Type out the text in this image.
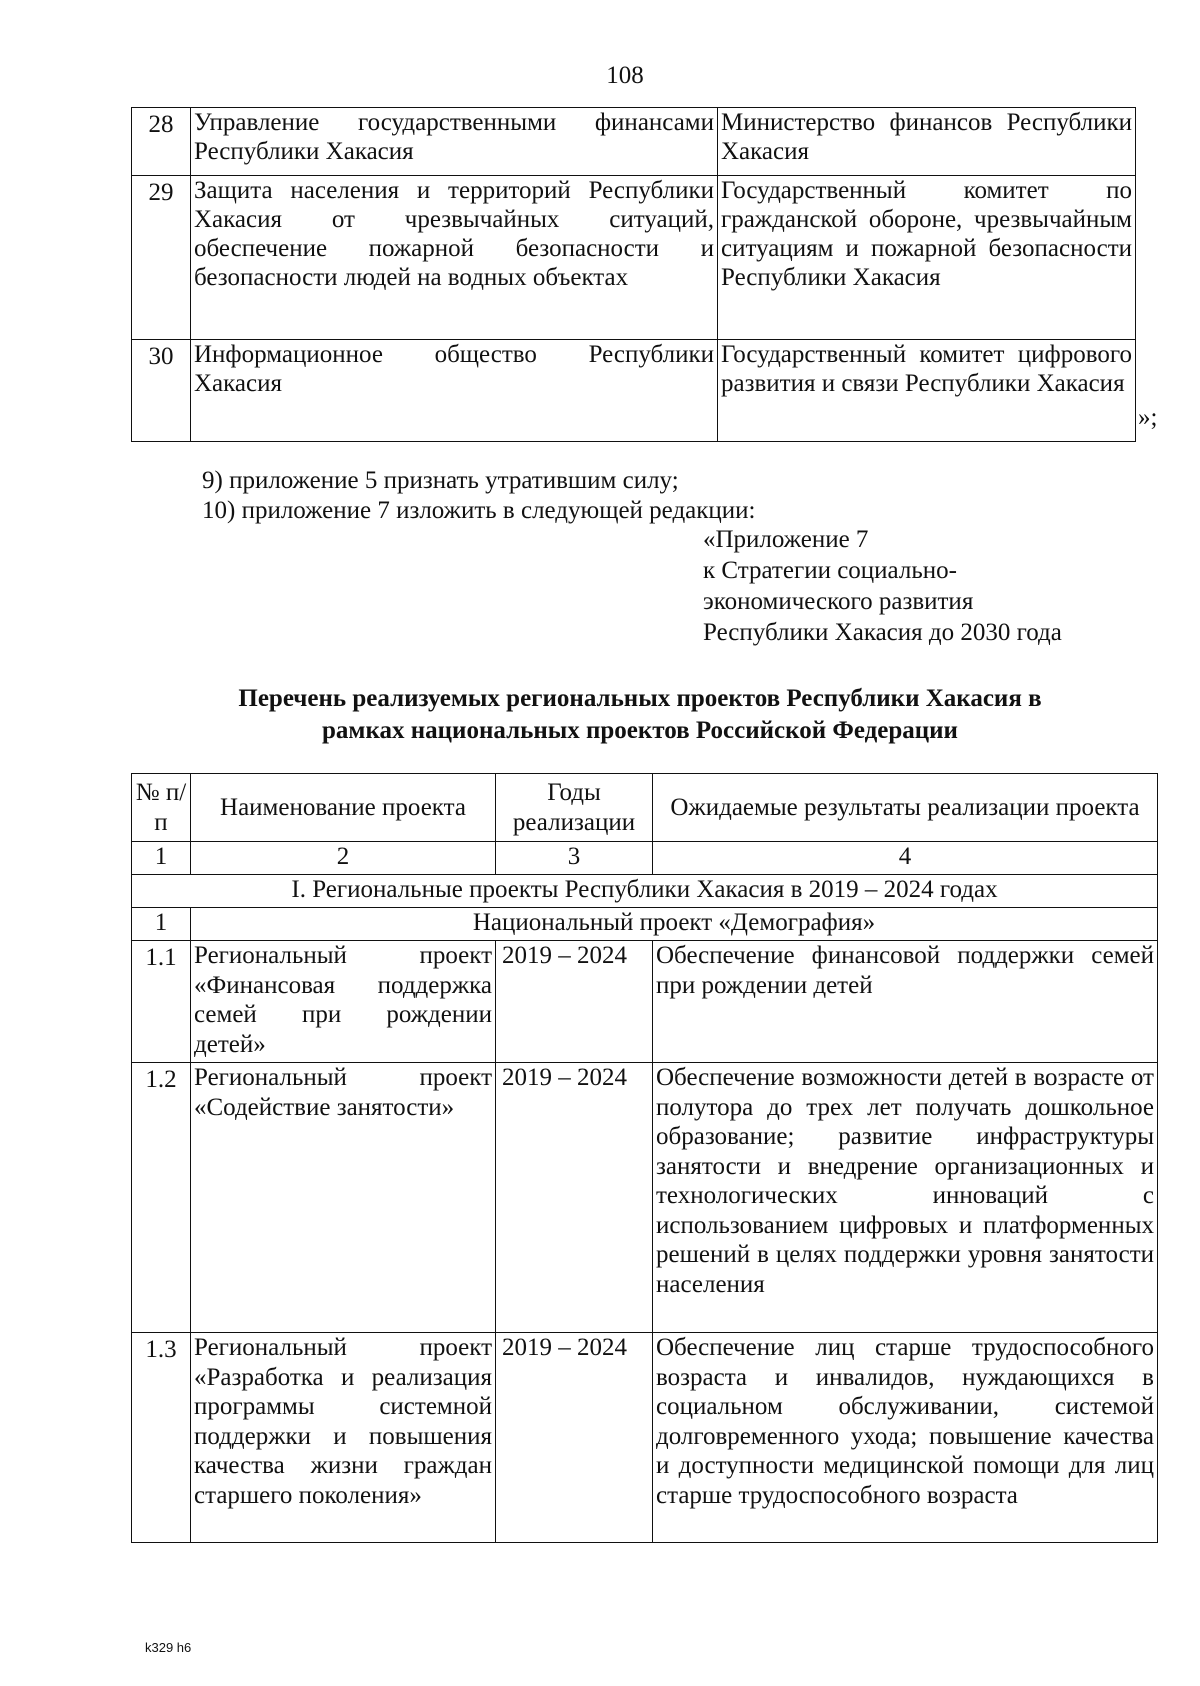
108
28	Управление государственными финансами Республики Хакасия	Министерство финансов Республики Хакасия
29	Защита населения и территорий Республики Хакасия от чрезвычайных ситуаций, обеспечение пожарной безопасности и безопасности людей на водных объектах	Государственный комитет по гражданской обороне, чрезвычайным ситуациям и пожарной безопасности Республики Хакасия
30	Информационное общество Республики Хакасия	Государственный комитет цифрового развития и связи Республики Хакасия
»;
9) приложение 5 признать утратившим силу;
10) приложение 7 изложить в следующей редакции:
«Приложение 7
к Стратегии социально-
экономического развития
Республики Хакасия до 2030 года
Перечень реализуемых региональных проектов Республики Хакасия в
рамках национальных проектов Российской Федерации
№ п/п	Наименование проекта	Годы реализации	Ожидаемые результаты реализации проекта
1	2	3	4
I. Региональные проекты Республики Хакасия в 2019 – 2024 годах			
1	Национальный проект «Демография»		
1.1	Региональный проект «Финансовая поддержка семей при рождении детей»	2019 – 2024	Обеспечение финансовой поддержки семей при рождении детей
1.2	Региональный проект «Содействие занятости»	2019 – 2024	Обеспечение возможности детей в возрасте от полутора до трех лет получать дошкольное образование; развитие инфраструктуры занятости и внедрение организационных и технологических инноваций с использованием цифровых и платформенных решений в целях поддержки уровня занятости населения
1.3	Региональный проект «Разработка и реализация программы системной поддержки и повышения качества жизни граждан старшего поколения»	2019 – 2024	Обеспечение лиц старше трудоспособного возраста и инвалидов, нуждающихся в социальном обслуживании, системой долговременного ухода; повышение качества и доступности медицинской помощи для лиц старше трудоспособного возраста
k329 h6
